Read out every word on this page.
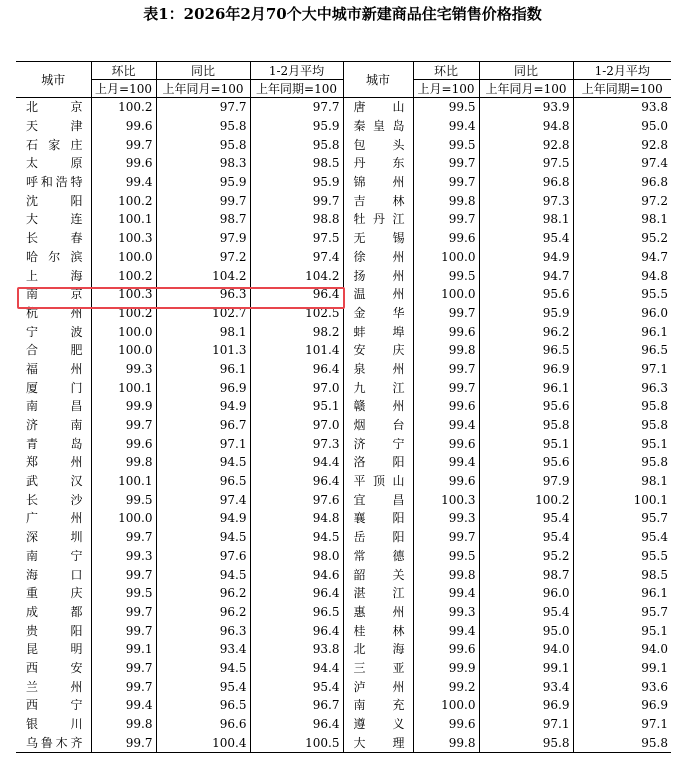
表1：2026年2月70个大中城市新建商品住宅销售价格指数
城市	环比	同比	1-2月平均	城市	环比	同比	1-2月平均
	上月=100	上年同月=100	上年同期=100		上月=100	上年同月=100	上年同期=100
北京	100.2	97.7	97.7	唐山	99.5	93.9	93.8
天津	99.6	95.8	95.9	秦皇岛	99.4	94.8	95.0
石家庄	99.7	95.8	95.8	包头	99.5	92.8	92.8
太原	99.6	98.3	98.5	丹东	99.7	97.5	97.4
呼和浩特	99.4	95.9	95.9	锦州	99.7	96.8	96.8
沈阳	100.2	99.7	99.7	吉林	99.8	97.3	97.2
大连	100.1	98.7	98.8	牡丹江	99.7	98.1	98.1
长春	100.3	97.9	97.5	无锡	99.6	95.4	95.2
哈尔滨	100.0	97.2	97.4	徐州	100.0	94.9	94.7
上海	100.2	104.2	104.2	扬州	99.5	94.7	94.8
南京	100.3	96.3	96.4	温州	100.0	95.6	95.5
杭州	100.2	102.7	102.5	金华	99.7	95.9	96.0
宁波	100.0	98.1	98.2	蚌埠	99.6	96.2	96.1
合肥	100.0	101.3	101.4	安庆	99.8	96.5	96.5
福州	99.3	96.1	96.4	泉州	99.7	96.9	97.1
厦门	100.1	96.9	97.0	九江	99.7	96.1	96.3
南昌	99.9	94.9	95.1	赣州	99.6	95.6	95.8
济南	99.7	96.7	97.0	烟台	99.4	95.8	95.8
青岛	99.6	97.1	97.3	济宁	99.6	95.1	95.1
郑州	99.8	94.5	94.4	洛阳	99.4	95.6	95.8
武汉	100.1	96.5	96.4	平顶山	99.6	97.9	98.1
长沙	99.5	97.4	97.6	宜昌	100.3	100.2	100.1
广州	100.0	94.9	94.8	襄阳	99.3	95.4	95.7
深圳	99.7	94.5	94.5	岳阳	99.7	95.4	95.4
南宁	99.3	97.6	98.0	常德	99.5	95.2	95.5
海口	99.7	94.5	94.6	韶关	99.8	98.7	98.5
重庆	99.5	96.2	96.4	湛江	99.4	96.0	96.1
成都	99.7	96.2	96.5	惠州	99.3	95.4	95.7
贵阳	99.7	96.3	96.4	桂林	99.4	95.0	95.1
昆明	99.1	93.4	93.8	北海	99.6	94.0	94.0
西安	99.7	94.5	94.4	三亚	99.9	99.1	99.1
兰州	99.7	95.4	95.4	泸州	99.2	93.4	93.6
西宁	99.4	96.5	96.7	南充	100.0	96.9	96.9
银川	99.8	96.6	96.4	遵义	99.6	97.1	97.1
乌鲁木齐	99.7	100.4	100.5	大理	99.8	95.8	95.8
